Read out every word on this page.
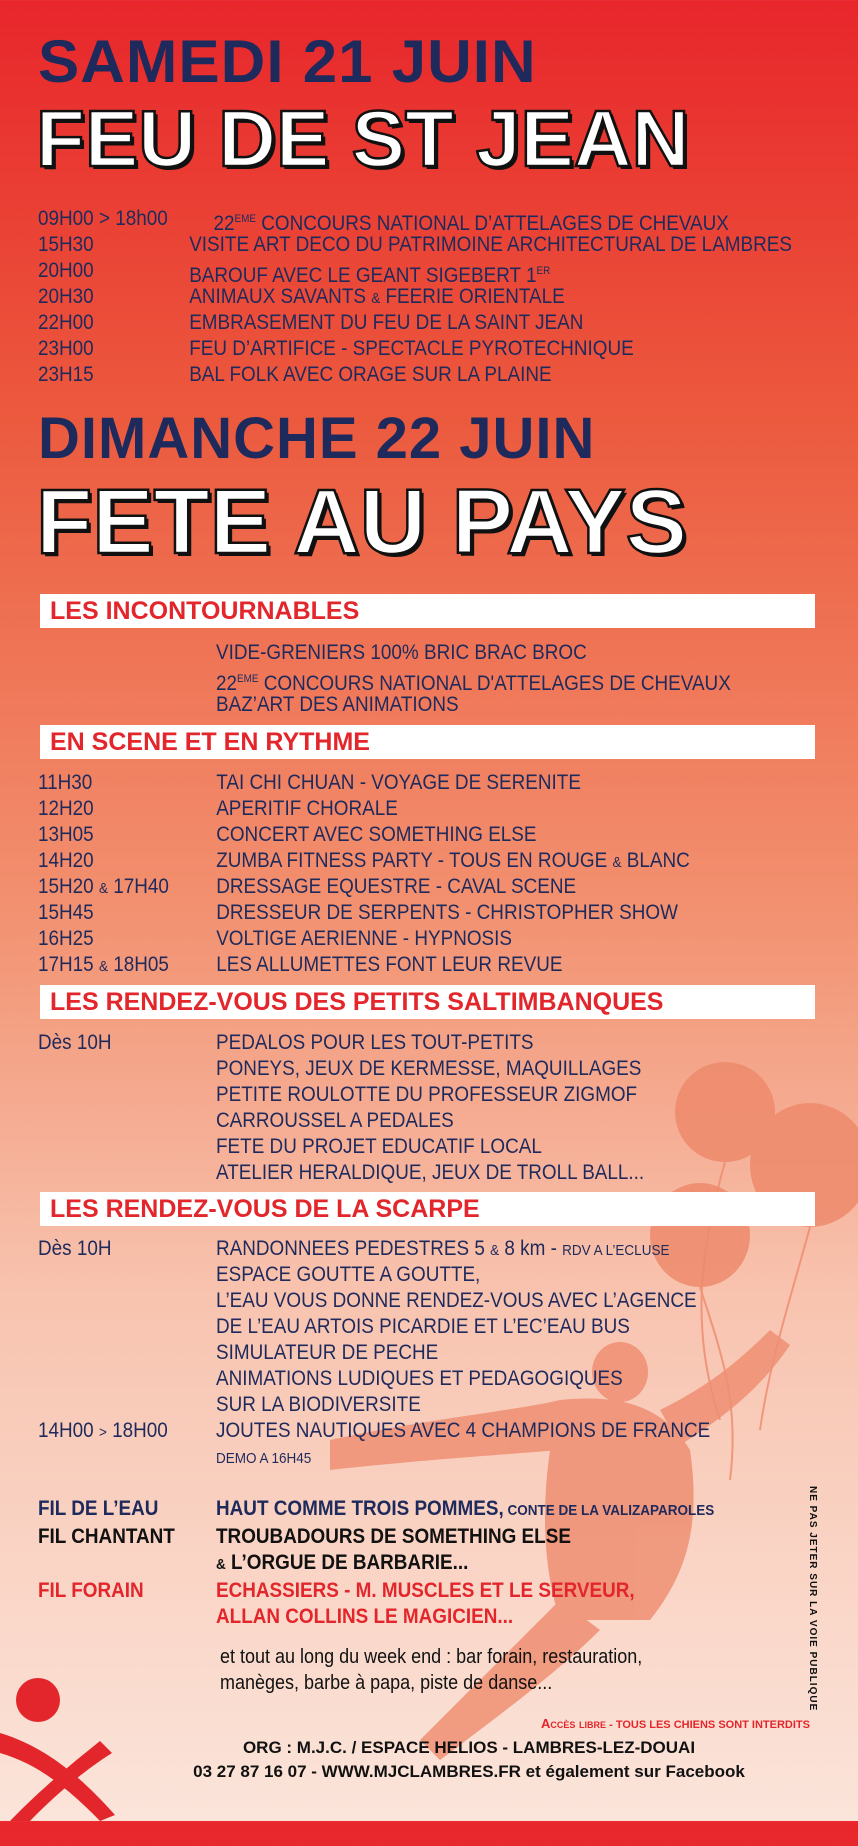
SAMEDI 21 JUIN
FEU DE ST JEAN
09H00 > 18h00 22EME CONCOURS NATIONAL D’ATTELAGES DE CHEVAUX
15H30	VISITE ART DECO DU PATRIMOINE ARCHITECTURAL DE LAMBRES
20H00	BAROUF AVEC LE GEANT SIGEBERT 1ER
20H30	ANIMAUX SAVANTS & FEERIE ORIENTALE
22H00	EMBRASEMENT DU FEU DE LA SAINT JEAN
23H00	FEU D’ARTIFICE - SPECTACLE PYROTECHNIQUE
23H15	BAL FOLK AVEC ORAGE SUR LA PLAINE
DIMANCHE 22 JUIN
FETE AU PAYS
LES INCONTOURNABLES
VIDE-GRENIERS 100% BRIC BRAC BROC
22EME CONCOURS NATIONAL D'ATTELAGES DE CHEVAUX
BAZ’ART DES ANIMATIONS
EN SCENE ET EN RYTHME
11H30	TAI CHI CHUAN - VOYAGE DE SERENITE
12H20	APERITIF CHORALE
13H05	CONCERT AVEC SOMETHING ELSE
14H20	ZUMBA FITNESS PARTY - TOUS EN ROUGE & BLANC
15H20 & 17H40 DRESSAGE EQUESTRE - CAVAL SCENE
15H45	DRESSEUR DE SERPENTS - CHRISTOPHER SHOW
16H25	VOLTIGE AERIENNE - HYPNOSIS
17H15 & 18H05 LES ALLUMETTES FONT LEUR REVUE
LES RENDEZ-VOUS DES PETITS SALTIMBANQUES
Dès 10H	PEDALOS POUR LES TOUT-PETITS
PONEYS, JEUX DE KERMESSE, MAQUILLAGES
PETITE ROULOTTE DU PROFESSEUR ZIGMOF
CARROUSSEL A PEDALES
FETE DU PROJET EDUCATIF LOCAL
ATELIER HERALDIQUE, JEUX DE TROLL BALL...
LES RENDEZ-VOUS DE LA SCARPE
Dès 10H	RANDONNEES PEDESTRES 5 & 8 km - RDV A L’ECLUSE
ESPACE GOUTTE A GOUTTE,
L’EAU VOUS DONNE RENDEZ-VOUS AVEC L’AGENCE
DE L’EAU ARTOIS PICARDIE ET L’EC’EAU BUS
SIMULATEUR DE PECHE
ANIMATIONS LUDIQUES ET PEDAGOGIQUES
SUR LA BIODIVERSITE
14H00 > 18H00 JOUTES NAUTIQUES AVEC 4 CHAMPIONS DE FRANCE
DEMO A 16H45
FIL DE L’EAU	HAUT COMME TROIS POMMES, CONTE DE LA VALIZAPAROLES
FIL CHANTANT TROUBADOURS DE SOMETHING ELSE
& L’ORGUE DE BARBARIE...
FIL FORAIN	ECHASSIERS - M. MUSCLES ET LE SERVEUR,
ALLAN COLLINS LE MAGICIEN...
et tout au long du week end : bar forain, restauration,
manèges, barbe à papa, piste de danse...	NE PAS JETER SUR LA VOIE PUBLIQUE
Accès libre - TOUS LES CHIENS SONT INTERDITS
ORG : M.J.C. / ESPACE HELIOS - LAMBRES-LEZ-DOUAI
03 27 87 16 07 - WWW.MJCLAMBRES.FR et également sur Facebook
